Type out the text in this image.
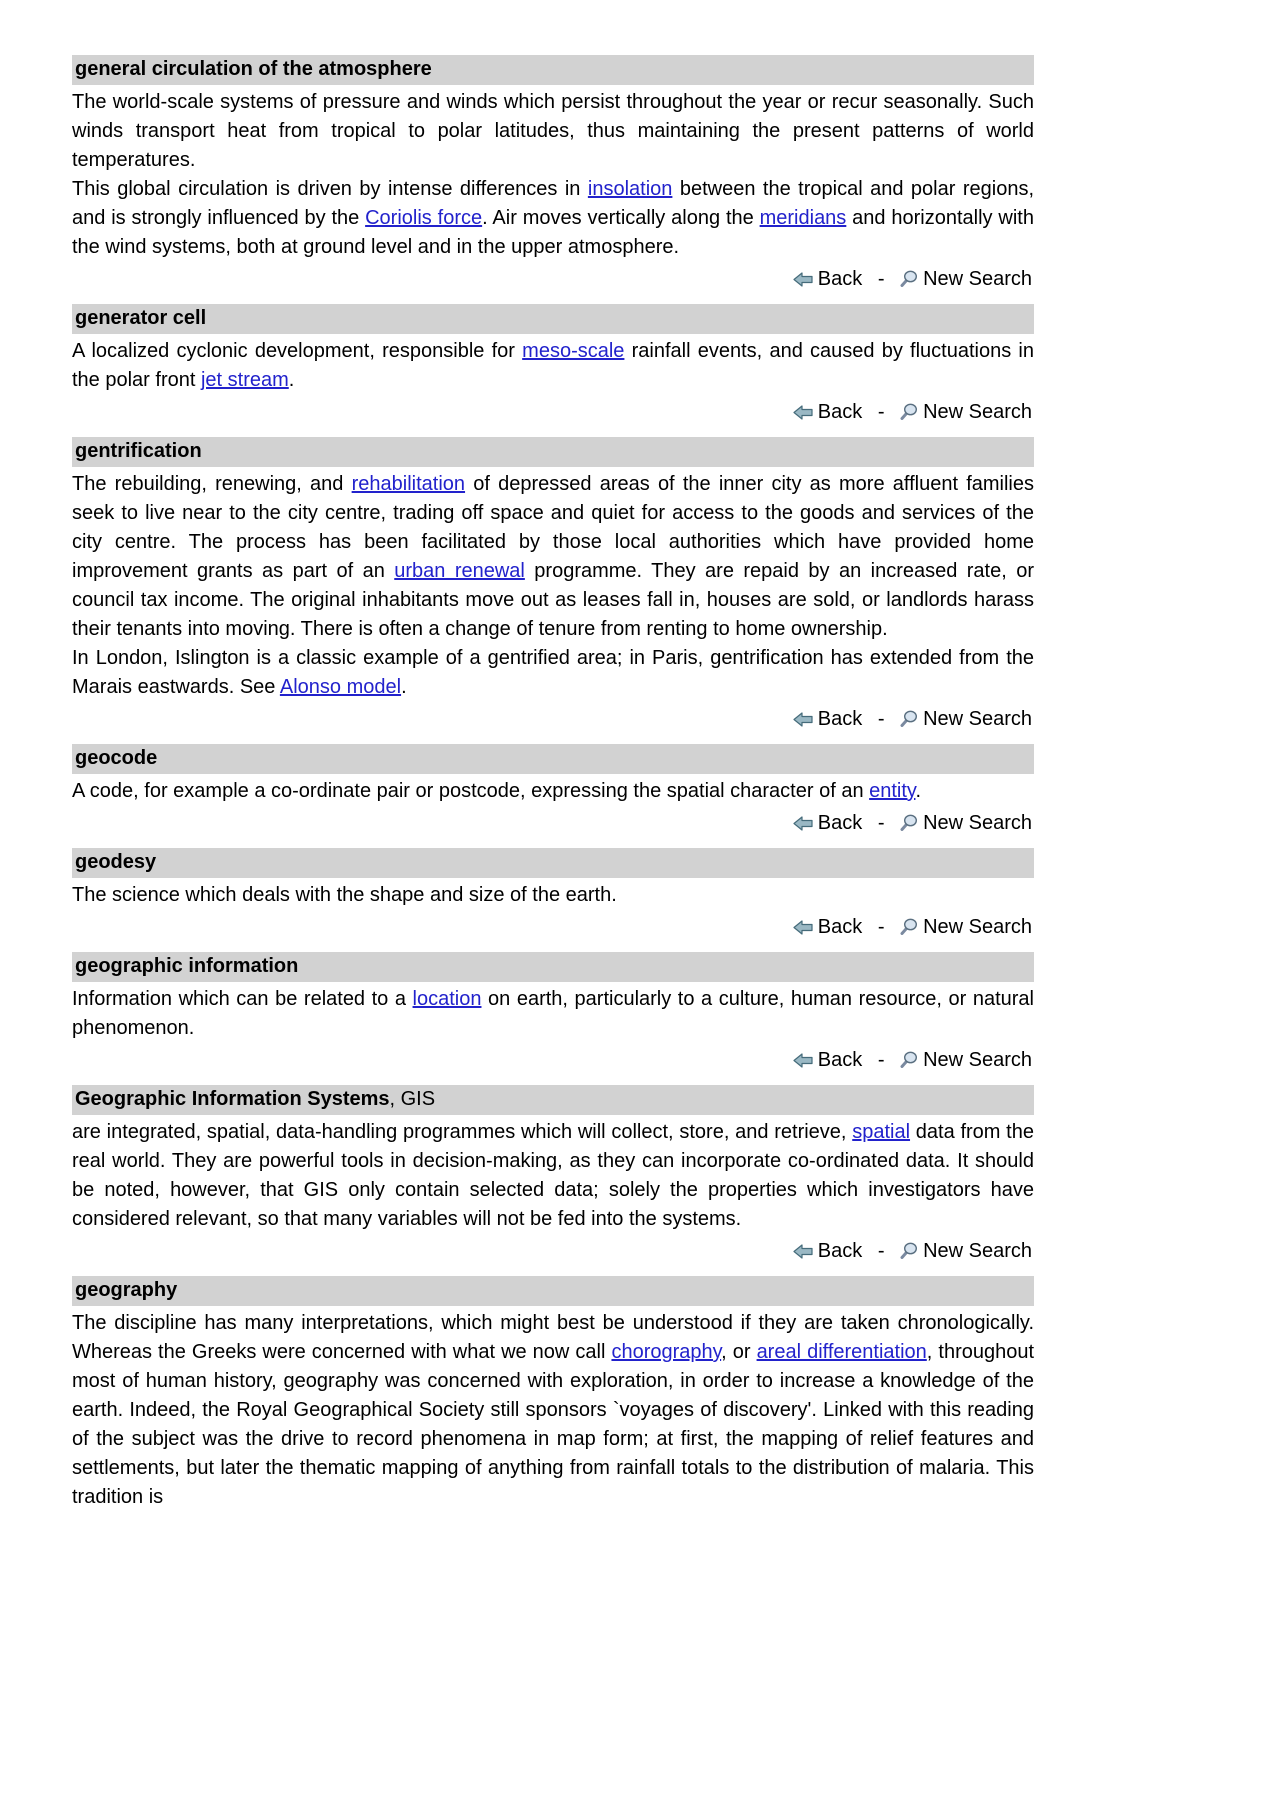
general circulation of the atmosphere

The world-scale systems of pressure and winds which persist throughout the year or recur seasonally. Such winds transport heat from tropical to polar latitudes, thus maintaining the present patterns of world temperatures.

This global circulation is driven by intense differences in insolation between the tropical and polar regions, and is strongly influenced by the Coriolis force. Air moves vertically along the meridians and horizontally with the wind systems, both at ground level and in the upper atmosphere.

Back - New Search
generator cell

A localized cyclonic development, responsible for meso-scale rainfall events, and caused by fluctuations in the polar front jet stream.

Back - New Search
gentrification

The rebuilding, renewing, and rehabilitation of depressed areas of the inner city as more affluent families seek to live near to the city centre, trading off space and quiet for access to the goods and services of the city centre. The process has been facilitated by those local authorities which have provided home improvement grants as part of an urban renewal programme. They are repaid by an increased rate, or council tax income. The original inhabitants move out as leases fall in, houses are sold, or landlords harass their tenants into moving. There is often a change of tenure from renting to home ownership.

In London, Islington is a classic example of a gentrified area; in Paris, gentrification has extended from the Marais eastwards. See Alonso model.

Back - New Search
geocode

A code, for example a co-ordinate pair or postcode, expressing the spatial character of an entity.

Back - New Search
geodesy

The science which deals with the shape and size of the earth.

Back - New Search
geographic information

Information which can be related to a location on earth, particularly to a culture, human resource, or natural phenomenon.

Back - New Search
Geographic Information Systems, GIS

are integrated, spatial, data-handling programmes which will collect, store, and retrieve, spatial data from the real world. They are powerful tools in decision-making, as they can incorporate co-ordinated data. It should be noted, however, that GIS only contain selected data; solely the properties which investigators have considered relevant, so that many variables will not be fed into the systems.

Back - New Search
geography

The discipline has many interpretations, which might best be understood if they are taken chronologically. Whereas the Greeks were concerned with what we now call chorography, or areal differentiation, throughout most of human history, geography was concerned with exploration, in order to increase a knowledge of the earth. Indeed, the Royal Geographical Society still sponsors `voyages of discovery'. Linked with this reading of the subject was the drive to record phenomena in map form; at first, the mapping of relief features and settlements, but later the thematic mapping of anything from rainfall totals to the distribution of malaria. This tradition is
